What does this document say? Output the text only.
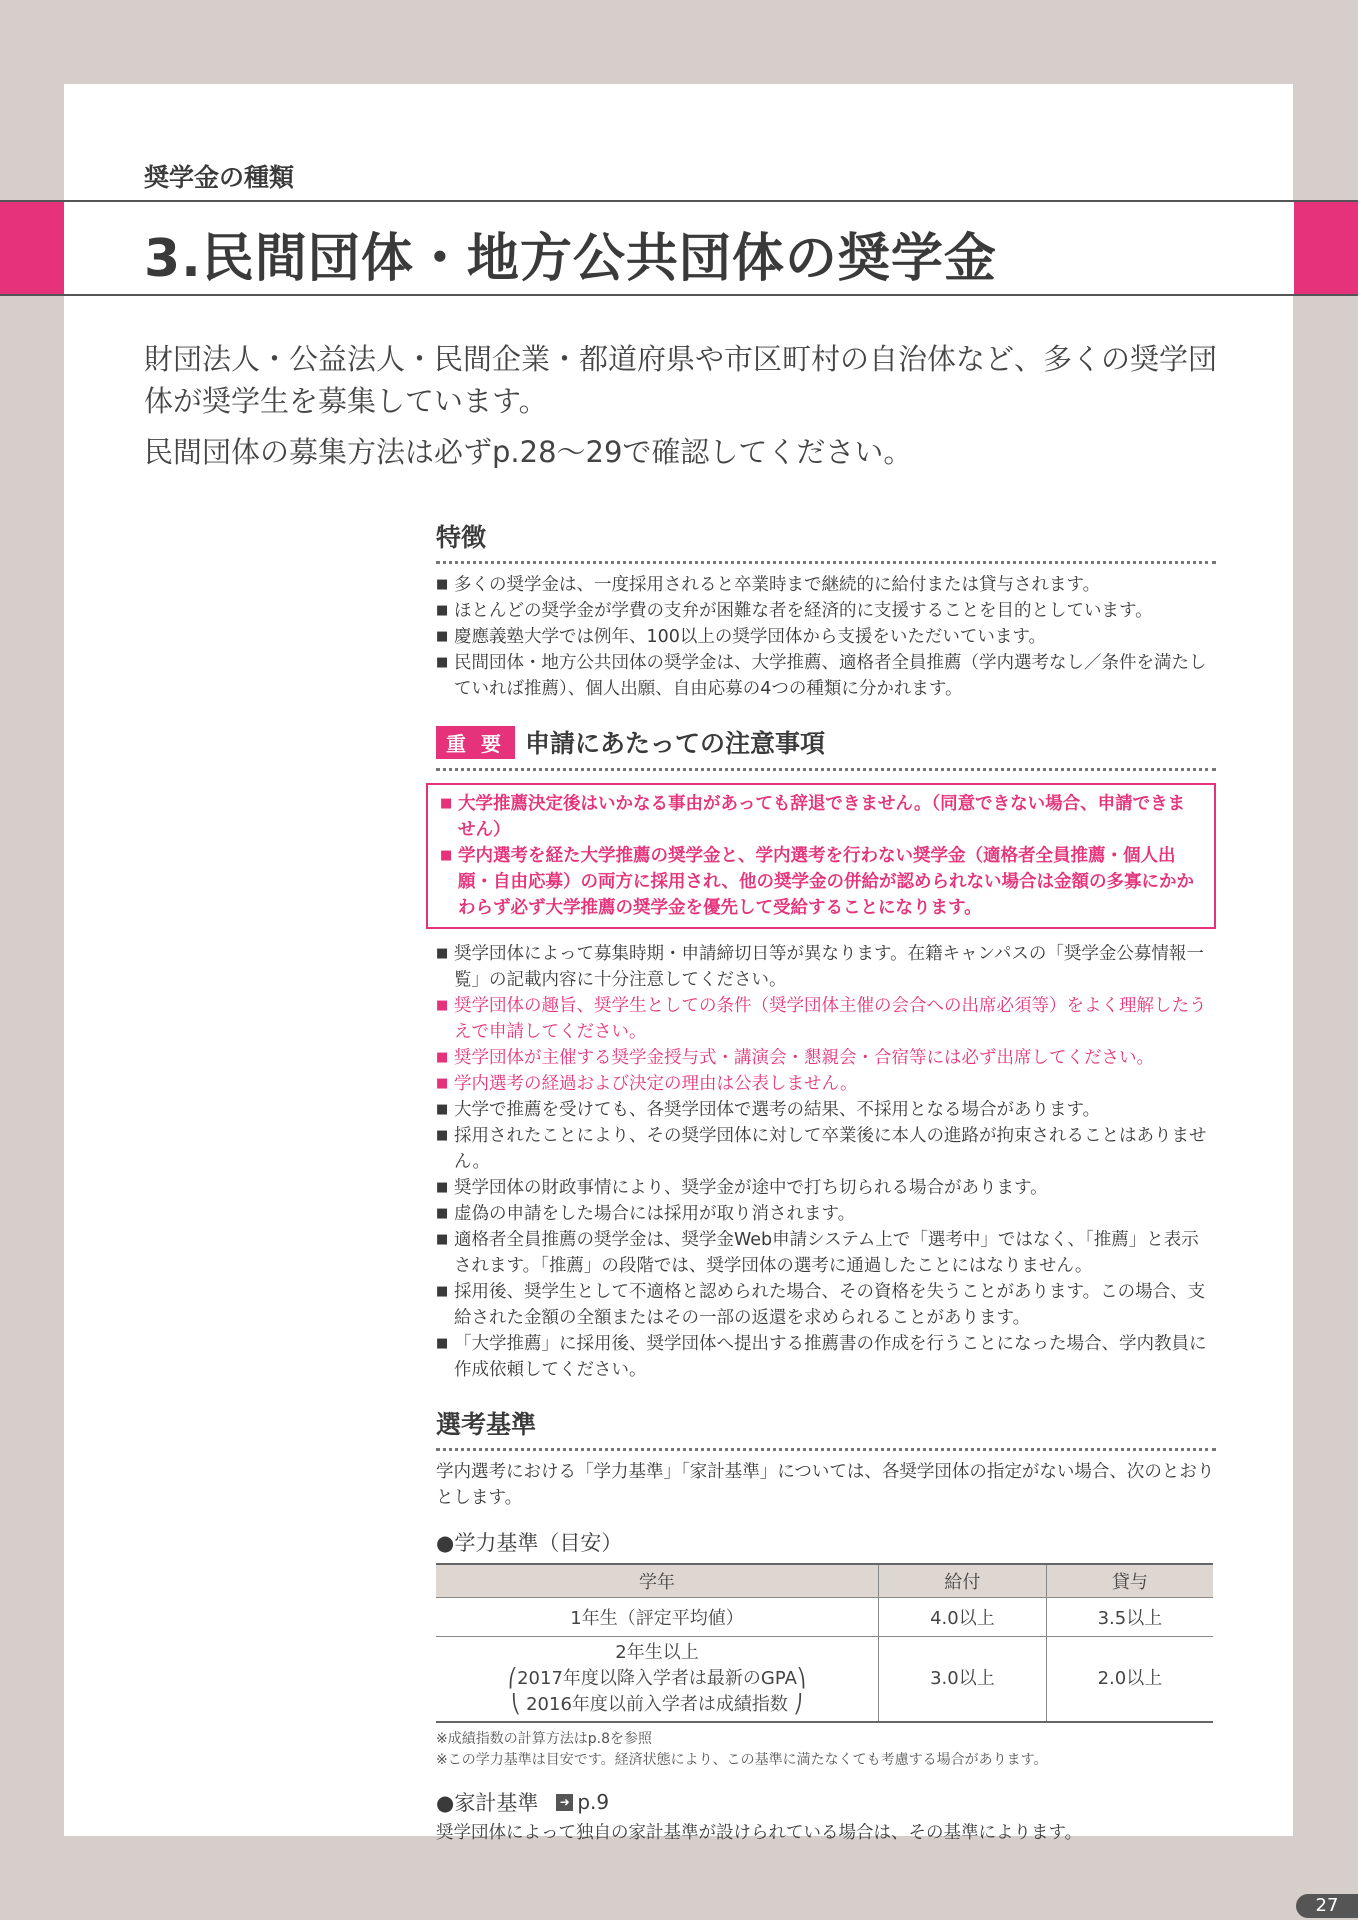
奨学金の種類
3.民間団体・地方公共団体の奨学金

財団法人・公益法人・民間企業・都道府県や市区町村の自治体など、多くの奨学団体が奨学生を募集しています。

民間団体の募集方法は必ずp.28〜29で確認してください。

特徴
■ 多くの奨学金は、一度採用されると卒業時まで継続的に給付または貸与されます。
■ ほとんどの奨学金が学費の支弁が困難な者を経済的に支援することを目的としています。
■ 慶應義塾大学では例年、100以上の奨学団体から支援をいただいています。
■ 民間団体・地方公共団体の奨学金は、大学推薦、適格者全員推薦（学内選考なし／条件を満たしていれば推薦）、個人出願、自由応募の4つの種類に分かれます。
重 要 申請にあたっての注意事項
■ 大学推薦決定後はいかなる事由があっても辞退できません。（同意できない場合、申請できません）
■ 学内選考を経た大学推薦の奨学金と、学内選考を行わない奨学金（適格者全員推薦・個人出願・自由応募）の両方に採用され、他の奨学金の併給が認められない場合は金額の多寡にかかわらず必ず大学推薦の奨学金を優先して受給することになります。
■ 奨学団体によって募集時期・申請締切日等が異なります。在籍キャンパスの「奨学金公募情報一覧」の記載内容に十分注意してください。
■ 奨学団体の趣旨、奨学生としての条件（奨学団体主催の会合への出席必須等）をよく理解したうえで申請してください。
■ 奨学団体が主催する奨学金授与式・講演会・懇親会・合宿等には必ず出席してください。
■ 学内選考の経過および決定の理由は公表しません。
■ 大学で推薦を受けても、各奨学団体で選考の結果、不採用となる場合があります。
■ 採用されたことにより、その奨学団体に対して卒業後に本人の進路が拘束されることはありません。
■ 奨学団体の財政事情により、奨学金が途中で打ち切られる場合があります。
■ 虚偽の申請をした場合には採用が取り消されます。
■ 適格者全員推薦の奨学金は、奨学金Web申請システム上で「選考中」ではなく、「推薦」と表示されます。「推薦」の段階では、奨学団体の選考に通過したことにはなりません。
■ 採用後、奨学生として不適格と認められた場合、その資格を失うことがあります。この場合、支給された金額の全額またはその一部の返還を求められることがあります。
■ 「大学推薦」に採用後、奨学団体へ提出する推薦書の作成を行うことになった場合、学内教員に作成依頼してください。
選考基準

学内選考における「学力基準」「家計基準」については、各奨学団体の指定がない場合、次のとおりとします。

●学力基準（目安）
学年	給付	貸与
1年生（評定平均値）	4.0以上	3.5以上

2年生以上
⎛2017年度以降入学者は最新のGPA⎞
⎝ 2016年度以前入学者は成績指数 ⎠	3.0以上	2.0以上

※成績指数の計算方法はp.8を参照

※この学力基準は目安です。経済状態により、この基準に満たなくても考慮する場合があります。

●家計基準 ➜ p.9

奨学団体によって独自の家計基準が設けられている場合は、その基準によります。

27
